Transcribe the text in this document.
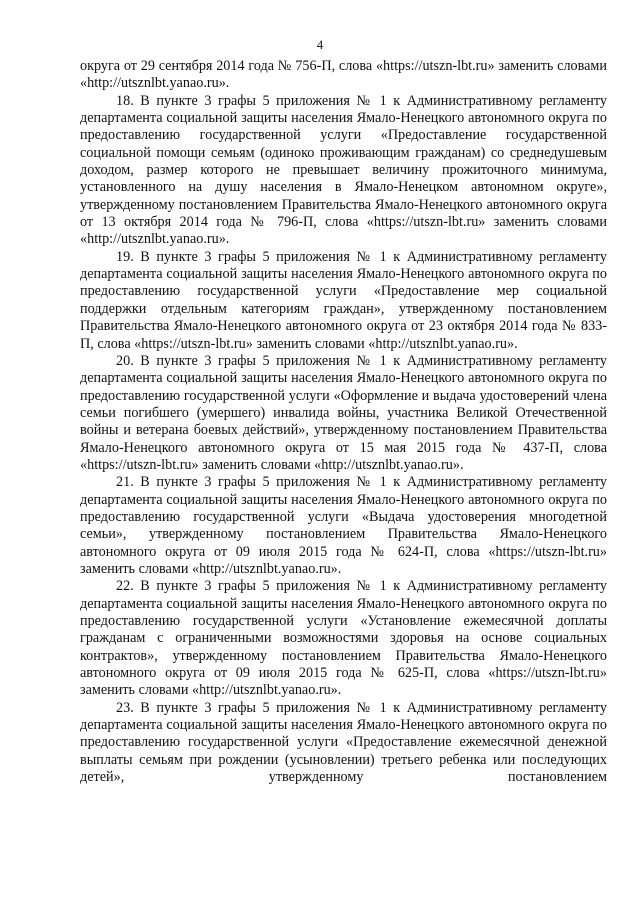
4

округа от 29 сентября 2014 года № 756-П, слова «https://utszn-lbt.ru» заменить словами «http://utsznlbt.yanao.ru».

18. В пункте 3 графы 5 приложения № 1 к Административному регламенту департамента социальной защиты населения Ямало-Ненецкого автономного округа по предоставлению государственной услуги «Предоставление государственной социальной помощи семьям (одиноко проживающим гражданам) со среднедушевым доходом, размер которого не превышает величину прожиточного минимума, установленного на душу населения в Ямало-Ненецком автономном округе», утвержденному постановлением Правительства Ямало-Ненецкого автономного округа от 13 октября 2014 года № 796-П, слова «https://utszn-lbt.ru» заменить словами «http://utsznlbt.yanao.ru».

19. В пункте 3 графы 5 приложения № 1 к Административному регламенту департамента социальной защиты населения Ямало-Ненецкого автономного округа по предоставлению государственной услуги «Предоставление мер социальной поддержки отдельным категориям граждан», утвержденному постановлением Правительства Ямало-Ненецкого автономного округа от 23 октября 2014 года № 833-П, слова «https://utszn-lbt.ru» заменить словами «http://utsznlbt.yanao.ru».

20. В пункте 3 графы 5 приложения № 1 к Административному регламенту департамента социальной защиты населения Ямало-Ненецкого автономного округа по предоставлению государственной услуги «Оформление и выдача удостоверений члена семьи погибшего (умершего) инвалида войны, участника Великой Отечественной войны и ветерана боевых действий», утвержденному постановлением Правительства Ямало-Ненецкого автономного округа от 15 мая 2015 года № 437-П, слова «https://utszn-lbt.ru» заменить словами «http://utsznlbt.yanao.ru».

21. В пункте 3 графы 5 приложения № 1 к Административному регламенту департамента социальной защиты населения Ямало-Ненецкого автономного округа по предоставлению государственной услуги «Выдача удостоверения многодетной семьи», утвержденному постановлением Правительства Ямало-Ненецкого автономного округа от 09 июля 2015 года № 624-П, слова «https://utszn-lbt.ru» заменить словами «http://utsznlbt.yanao.ru».

22. В пункте 3 графы 5 приложения № 1 к Административному регламенту департамента социальной защиты населения Ямало-Ненецкого автономного округа по предоставлению государственной услуги «Установление ежемесячной доплаты гражданам с ограниченными возможностями здоровья на основе социальных контрактов», утвержденному постановлением Правительства Ямало-Ненецкого автономного округа от 09 июля 2015 года № 625-П, слова «https://utszn-lbt.ru» заменить словами «http://utsznlbt.yanao.ru».

23. В пункте 3 графы 5 приложения № 1 к Административному регламенту департамента социальной защиты населения Ямало-Ненецкого автономного округа по предоставлению государственной услуги «Предоставление ежемесячной денежной выплаты семьям при рождении (усыновлении) третьего ребенка или последующих детей», утвержденному постановлением
